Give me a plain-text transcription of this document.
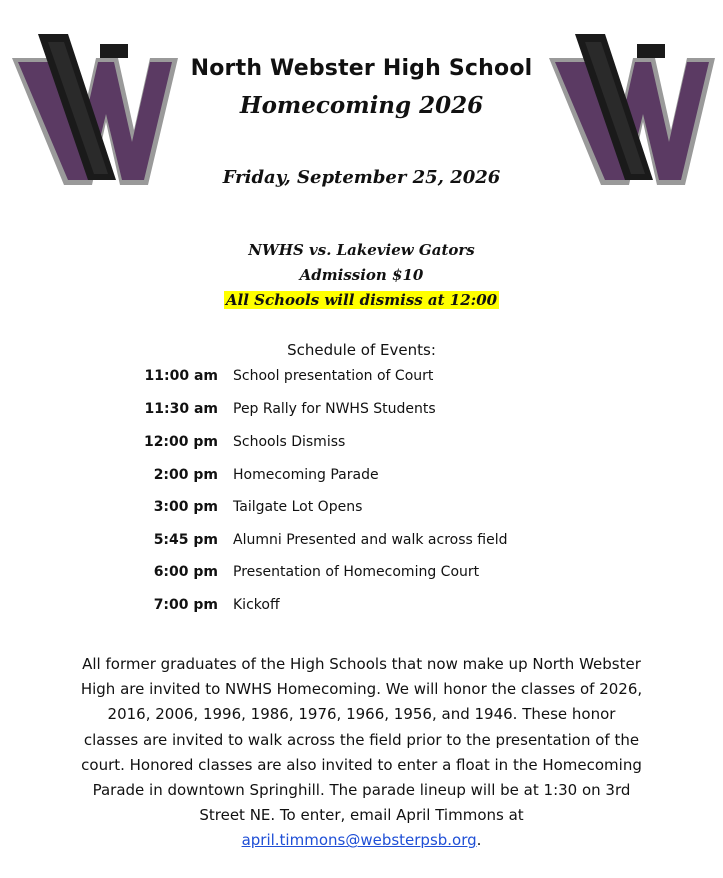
North Webster High School
Homecoming 2026
Friday, September 25, 2026
NWHS vs. Lakeview Gators
Admission $10
All Schools will dismiss at 12:00
Schedule of Events:
11:00 am School presentation of Court
11:30 am Pep Rally for NWHS Students
12:00 pm Schools Dismiss
2:00 pm Homecoming Parade
3:00 pm Tailgate Lot Opens
5:45 pm Alumni Presented and walk across field
6:00 pm Presentation of Homecoming Court
7:00 pm Kickoff
All former graduates of the High Schools that now make up North Webster High are invited to NWHS Homecoming. We will honor the classes of 2026, 2016, 2006, 1996, 1986, 1976, 1966, 1956, and 1946. These honor classes are invited to walk across the field prior to the presentation of the court. Honored classes are also invited to enter a float in the Homecoming Parade in downtown Springhill. The parade lineup will be at 1:30 on 3rd Street NE. To enter, email April Timmons at april.timmons@websterpsb.org.
